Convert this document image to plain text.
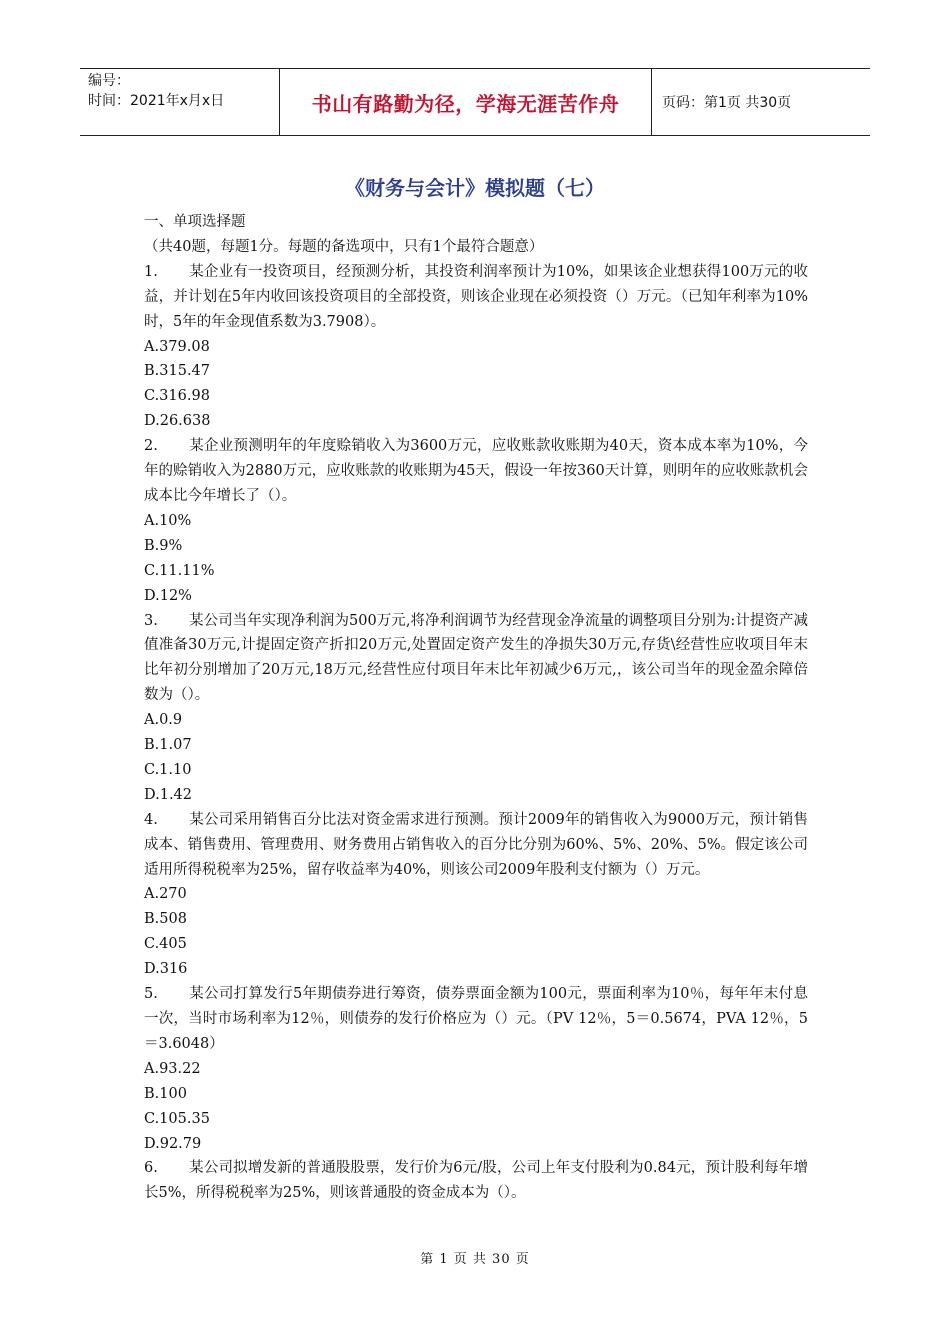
编号：
时间：2021年x月x日	书山有路勤为径，学海无涯苦作舟	页码：第1页 共30页
《财务与会计》模拟题（七）

一、单项选择题

（共40题，每题1分。每题的备选项中，只有1个最符合题意）

1. 某企业有一投资项目，经预测分析，其投资利润率预计为10%，如果该企业想获得100万元的收益，并计划在5年内收回该投资项目的全部投资，则该企业现在必须投资（）万元。（已知年利率为10%时，5年的年金现值系数为3.7908）。

A.379.08

B.315.47

C.316.98

D.26.638

2. 某企业预测明年的年度赊销收入为3600万元，应收账款收账期为40天，资本成本率为10%，今年的赊销收入为2880万元，应收账款的收账期为45天，假设一年按360天计算，则明年的应收账款机会成本比今年增长了（）。

A.10%

B.9%

C.11.11%

D.12%

3. 某公司当年实现净利润为500万元,将净利润调节为经营现金净流量的调整项目分别为:计提资产减值准备30万元,计提固定资产折扣20万元,处置固定资产发生的净损失30万元,存货\经营性应收项目年末比年初分别增加了20万元,18万元,经营性应付项目年末比年初减少6万元,，该公司当年的现金盈余障倍数为（）。

A.0.9

B.1.07

C.1.10

D.1.42

4. 某公司采用销售百分比法对资金需求进行预测。预计2009年的销售收入为9000万元，预计销售成本、销售费用、管理费用、财务费用占销售收入的百分比分别为60%、5%、20%、5%。假定该公司适用所得税税率为25%，留存收益率为40%，则该公司2009年股利支付额为（）万元。

A.270

B.508

C.405

D.316

5. 某公司打算发行5年期债券进行筹资，债券票面金额为100元，票面利率为10％，每年年末付息一次，当时市场利率为12％，则债券的发行价格应为（）元。（PV 12％，5＝0.5674，PVA 12％，5＝3.6048）

A.93.22

B.100

C.105.35

D.92.79

6. 某公司拟增发新的普通股股票，发行价为6元/股，公司上年支付股利为0.84元，预计股利每年增长5%，所得税税率为25%，则该普通股的资金成本为（）。

第 1 页 共 30 页
